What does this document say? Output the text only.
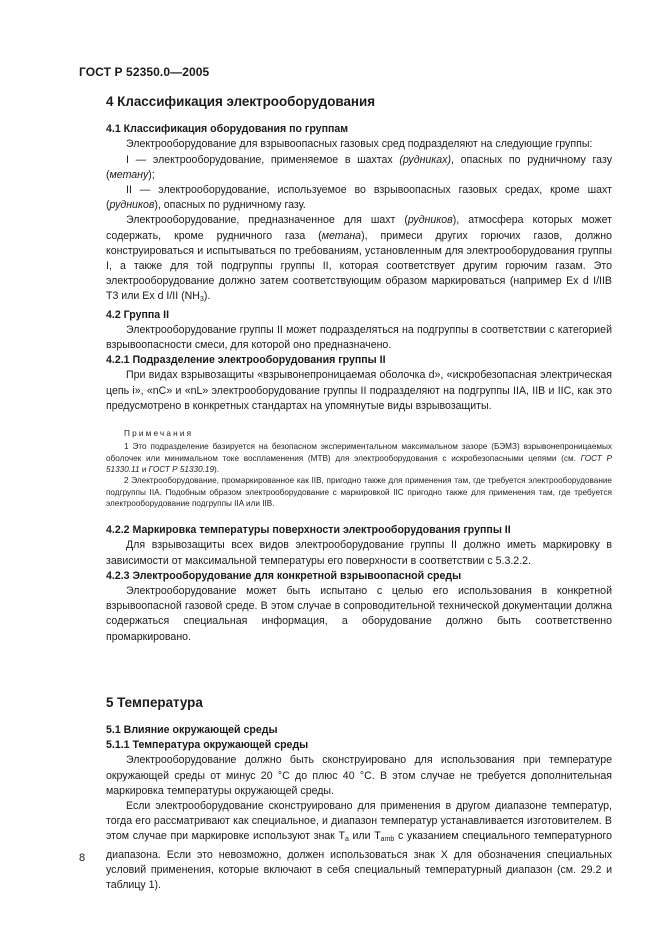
ГОСТ Р 52350.0—2005
4 Классификация электрооборудования
4.1 Классификация оборудования по группам

Электрооборудование для взрывоопасных газовых сред подразделяют на следующие группы:

I — электрооборудование, применяемое в шахтах (рудниках), опасных по рудничному газу (метану);

II — электрооборудование, используемое во взрывоопасных газовых средах, кроме шахт (рудников), опасных по рудничному газу.

Электрооборудование, предназначенное для шахт (рудников), атмосфера которых может содержать, кроме рудничного газа (метана), примеси других горючих газов, должно конструироваться и испытываться по требованиям, установленным для электрооборудования группы I, а также для той подгруппы группы II, которая соответствует другим горючим газам. Это электрооборудование должно затем соответствующим образом маркироваться (например Ex d I/IIB T3 или Ex d I/II $(NH_3)$.

4.2 Группа II

Электрооборудование группы II может подразделяться на подгруппы в соответствии с категорией взрывоопасности смеси, для которой оно предназначено.

4.2.1 Подразделение электрооборудования группы II

При видах взрывозащиты «взрывонепроницаемая оболочка d», «искробезопасная электрическая цепь i», «nC» и «nL» электрооборудование группы II подразделяют на подгруппы IIA, IIB и IIC, как это предусмотрено в конкретных стандартах на упомянутые виды взрывозащиты.

Примечания

1 Это подразделение базируется на безопасном экспериментальном максимальном зазоре (БЭМЗ) взрывонепроницаемых оболочек или минимальном токе воспламенения (МТВ) для электрооборудования с искробезопасными цепями (см. ГОСТ Р 51330.11 и ГОСТ Р 51330.19).

2 Электрооборудование, промаркированное как IIB, пригодно также для применения там, где требуется электрооборудование подгруппы IIA. Подобным образом электрооборудование с маркировкой IIC пригодно также для применения там, где требуется электрооборудование подгруппы IIA или IIB.

4.2.2 Маркировка температуры поверхности электрооборудования группы II

Для взрывозащиты всех видов электрооборудование группы II должно иметь маркировку в зависимости от максимальной температуры его поверхности в соответствии с 5.3.2.2.

4.2.3 Электрооборудование для конкретной взрывоопасной среды

Электрооборудование может быть испытано с целью его использования в конкретной взрывоопасной газовой среде. В этом случае в сопроводительной технической документации должна содержаться специальная информация, а оборудование должно быть соответственно промаркировано.

5 Температура
5.1 Влияние окружающей среды
5.1.1 Температура окружающей среды

Электрооборудование должно быть сконструировано для использования при температуре окружающей среды от минус 20 °С до плюс 40 °С. В этом случае не требуется дополнительная маркировка температуры окружающей среды.

Если электрооборудование сконструировано для применения в другом диапазоне температур, тогда его рассматривают как специальное, и диапазон температур устанавливается изготовителем. В этом случае при маркировке используют знак $T_a$ или $T_{amb}$ с указанием специального температурного диапазона. Если это невозможно, должен использоваться знак X для обозначения специальных условий применения, которые включают в себя специальный температурный диапазон (см. 29.2 и таблицу 1).

8
